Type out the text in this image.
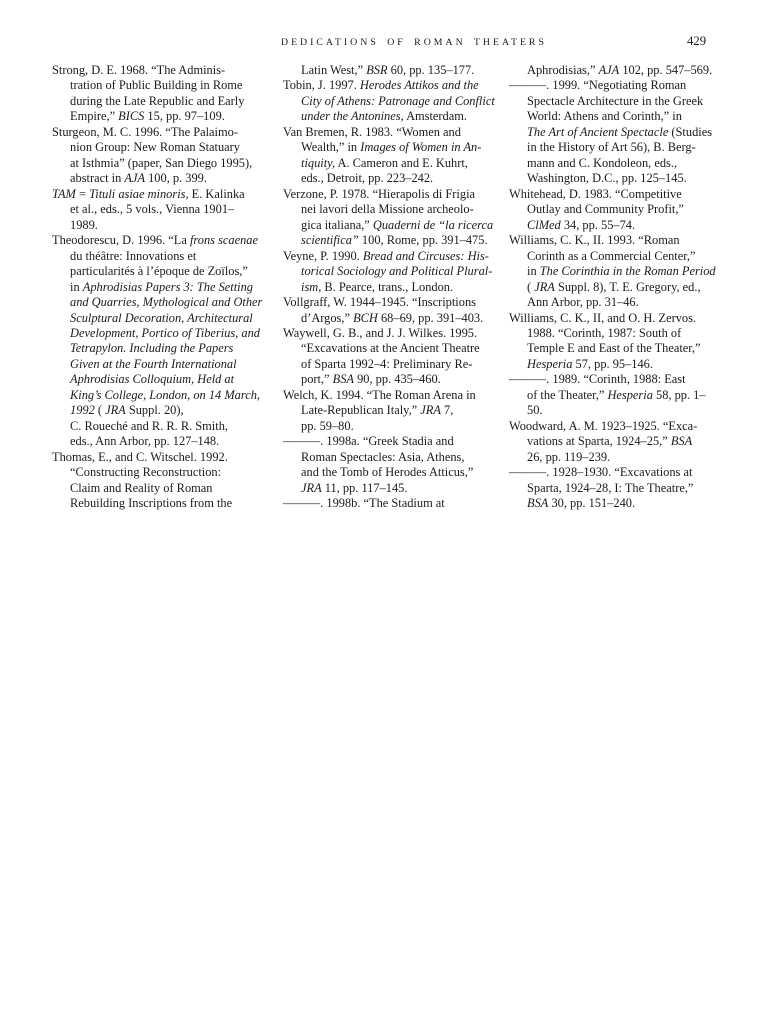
DEDICATIONS OF ROMAN THEATERS	429
Strong, D. E. 1968. “The Adminis-
tration of Public Building in Rome
during the Late Republic and Early
Empire,” BICS 15, pp. 97–109.
Sturgeon, M. C. 1996. “The Palaimo-
nion Group: New Roman Statuary
at Isthmia” (paper, San Diego 1995),
abstract in AJA 100, p. 399.
TAM = Tituli asiae minoris, E. Kalinka
et al., eds., 5 vols., Vienna 1901–
1989.
Theodorescu, D. 1996. “La frons scaenae
du théâtre: Innovations et
particularités à l’époque de Zoïlos,”
in Aphrodisias Papers 3: The Setting
and Quarries, Mythological and Other
Sculptural Decoration, Architectural
Development, Portico of Tiberius, and
Tetrapylon. Including the Papers
Given at the Fourth International
Aphrodisias Colloquium, Held at
King’s College, London, on 14 March,
1992 ( JRA Suppl. 20),
C. Roueché and R. R. R. Smith,
eds., Ann Arbor, pp. 127–148.
Thomas, E., and C. Witschel. 1992.
“Constructing Reconstruction:
Claim and Reality of Roman
Rebuilding Inscriptions from the
Latin West,” BSR 60, pp. 135–177.
Tobin, J. 1997. Herodes Attikos and the
City of Athens: Patronage and Conflict
under the Antonines, Amsterdam.
Van Bremen, R. 1983. “Women and
Wealth,” in Images of Women in An-
tiquity, A. Cameron and E. Kuhrt,
eds., Detroit, pp. 223–242.
Verzone, P. 1978. “Hierapolis di Frigia
nei lavori della Missione archeolo-
gica italiana,” Quaderni de “la ricerca
scientifica” 100, Rome, pp. 391–475.
Veyne, P. 1990. Bread and Circuses: His-
torical Sociology and Political Plural-
ism, B. Pearce, trans., London.
Vollgraff, W. 1944–1945. “Inscriptions
d’Argos,” BCH 68–69, pp. 391–403.
Waywell, G. B., and J. J. Wilkes. 1995.
“Excavations at the Ancient Theatre
of Sparta 1992–4: Preliminary Re-
port,” BSA 90, pp. 435–460.
Welch, K. 1994. “The Roman Arena in
Late-Republican Italy,” JRA 7,
pp. 59–80.
———. 1998a. “Greek Stadia and
Roman Spectacles: Asia, Athens,
and the Tomb of Herodes Atticus,”
JRA 11, pp. 117–145.
———. 1998b. “The Stadium at
Aphrodisias,” AJA 102, pp. 547–569.
———. 1999. “Negotiating Roman
Spectacle Architecture in the Greek
World: Athens and Corinth,” in
The Art of Ancient Spectacle (Studies
in the History of Art 56), B. Berg-
mann and C. Kondoleon, eds.,
Washington, D.C., pp. 125–145.
Whitehead, D. 1983. “Competitive
Outlay and Community Profit,”
ClMed 34, pp. 55–74.
Williams, C. K., II. 1993. “Roman
Corinth as a Commercial Center,”
in The Corinthia in the Roman Period
( JRA Suppl. 8), T. E. Gregory, ed.,
Ann Arbor, pp. 31–46.
Williams, C. K., II, and O. H. Zervos.
1988. “Corinth, 1987: South of
Temple E and East of the Theater,”
Hesperia 57, pp. 95–146.
———. 1989. “Corinth, 1988: East
of the Theater,” Hesperia 58, pp. 1–
50.
Woodward, A. M. 1923–1925. “Exca-
vations at Sparta, 1924–25,” BSA
26, pp. 119–239.
———. 1928–1930. “Excavations at
Sparta, 1924–28, I: The Theatre,”
BSA 30, pp. 151–240.
